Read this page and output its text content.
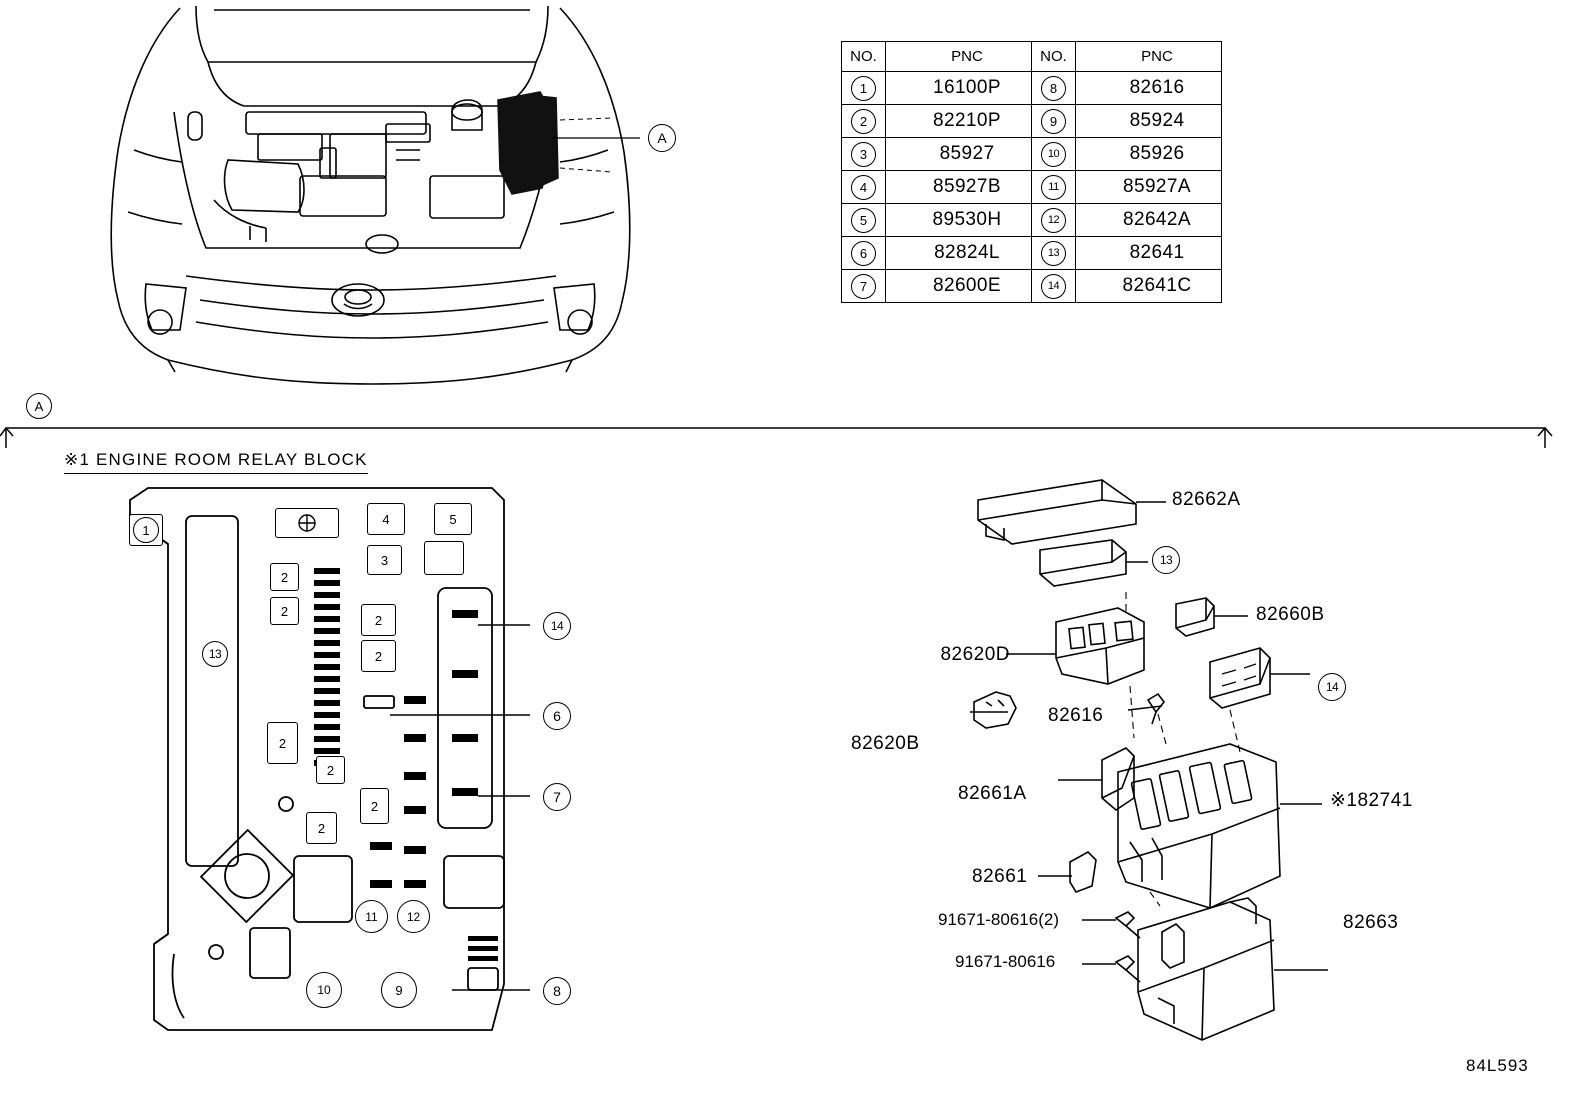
A
NO.	PNC	NO.	PNC
1	16100P	8	82616
2	82210P	9	85924
3	85927	10	85926
4	85927B	11	85927A
5	89530H	12	82642A
6	82824L	13	82641
7	82600E	14	82641C
A
※1 ENGINE ROOM RELAY BLOCK
1
13
2
2
2
2
2
2
2
2
3
4	5
11 12
10	9
14
6
7
8
82662A
13
82620D
82660B
82616
14
82620B
82661A	※182741
82661
91671-80616(2)
91671-80616
82663
84L593
